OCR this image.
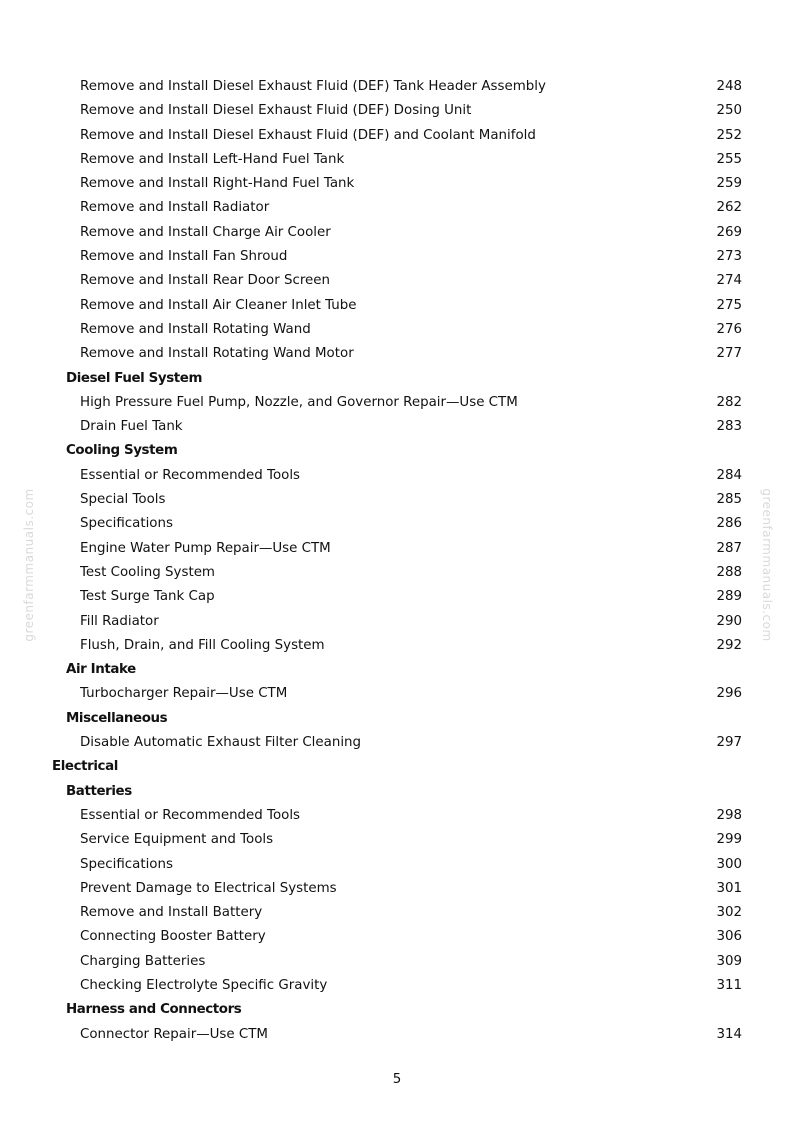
greenfarmmanuals.com	greenfarmmanuals.com
Remove and Install Diesel Exhaust Fluid (DEF) Tank Header Assembly	248
Remove and Install Diesel Exhaust Fluid (DEF) Dosing Unit	250
Remove and Install Diesel Exhaust Fluid (DEF) and Coolant Manifold	252
Remove and Install Left-Hand Fuel Tank	255
Remove and Install Right-Hand Fuel Tank	259
Remove and Install Radiator	262
Remove and Install Charge Air Cooler	269
Remove and Install Fan Shroud	273
Remove and Install Rear Door Screen	274
Remove and Install Air Cleaner Inlet Tube	275
Remove and Install Rotating Wand	276
Remove and Install Rotating Wand Motor	277
Diesel Fuel System
High Pressure Fuel Pump, Nozzle, and Governor Repair—Use CTM	282
Drain Fuel Tank	283
Cooling System
Essential or Recommended Tools	284
Special Tools	285
Specifications	286
Engine Water Pump Repair—Use CTM	287
Test Cooling System	288
Test Surge Tank Cap	289
Fill Radiator	290
Flush, Drain, and Fill Cooling System	292
Air Intake
Turbocharger Repair—Use CTM	296
Miscellaneous
Disable Automatic Exhaust Filter Cleaning	297
Electrical
Batteries
Essential or Recommended Tools	298
Service Equipment and Tools	299
Specifications	300
Prevent Damage to Electrical Systems	301
Remove and Install Battery	302
Connecting Booster Battery	306
Charging Batteries	309
Checking Electrolyte Specific Gravity	311
Harness and Connectors
Connector Repair—Use CTM	314
5
